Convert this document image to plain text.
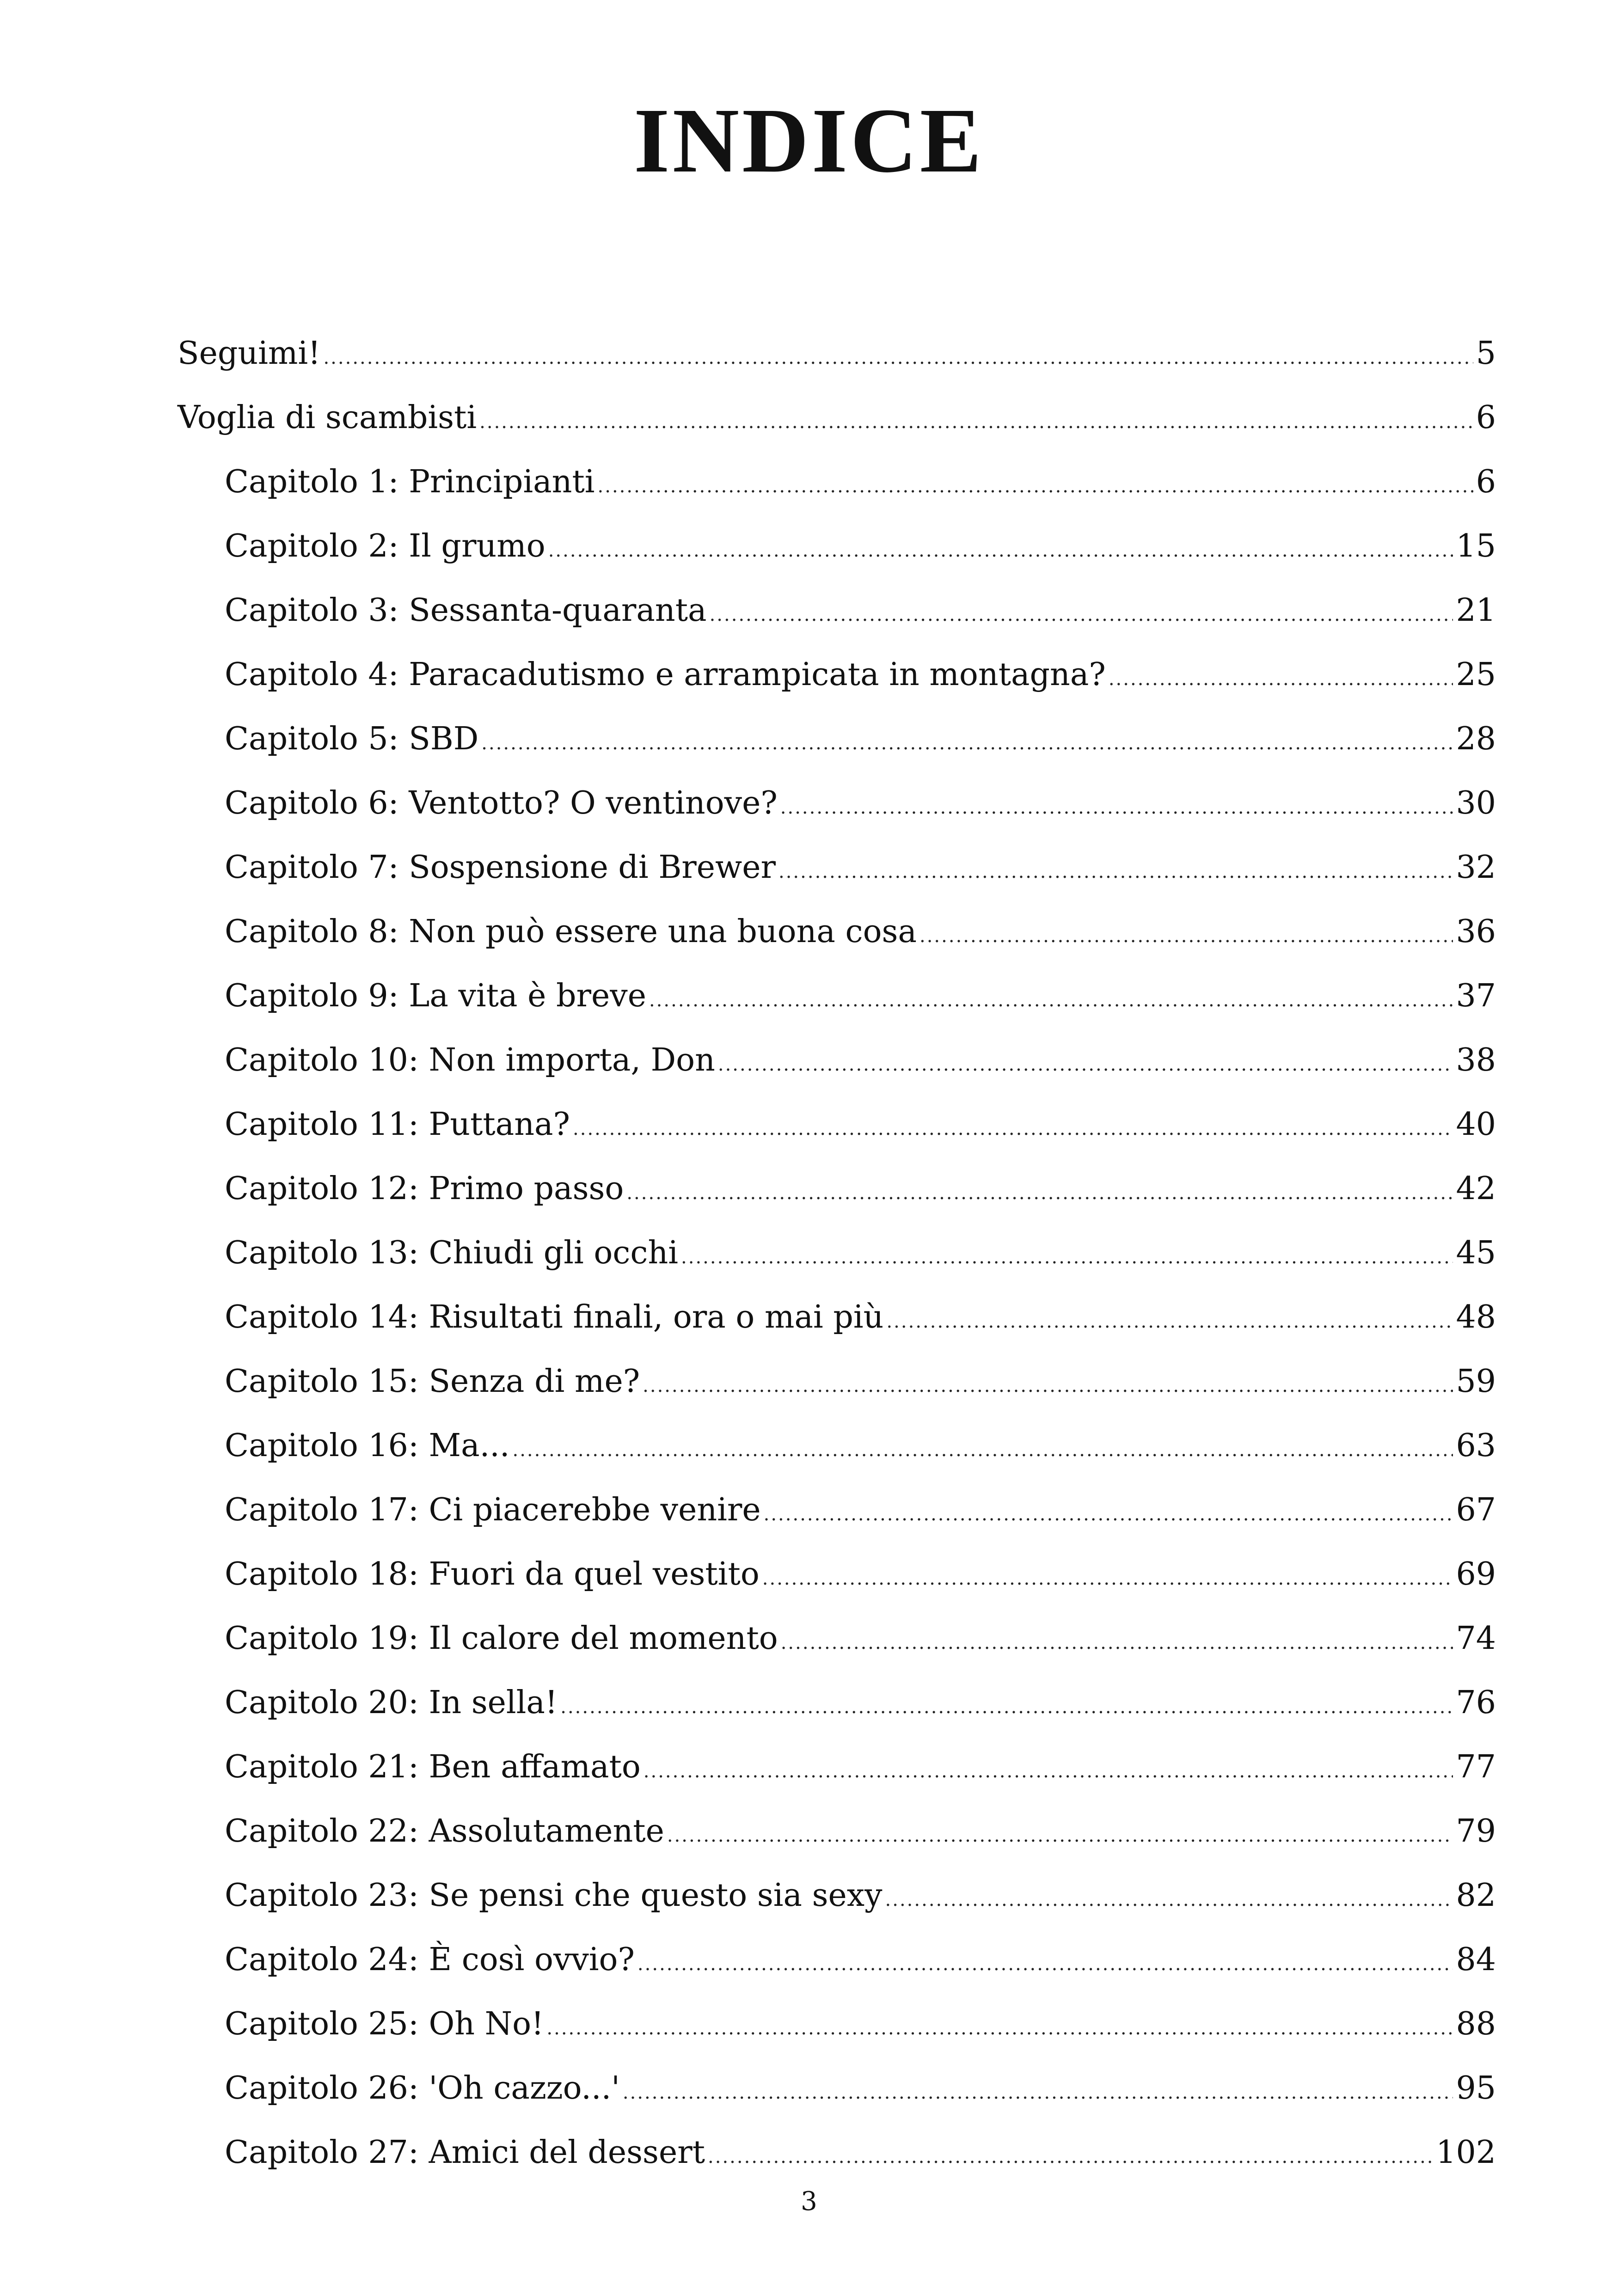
INDICE
Seguimi! .....	5
Voglia di scambisti .....	6
Capitolo 1: Principianti .....	6
Capitolo 2: Il grumo .....	15
Capitolo 3: Sessanta-quaranta .....	21
Capitolo 4: Paracadutismo e arrampicata in montagna? .....	25
Capitolo 5: SBD .....	28
Capitolo 6: Ventotto? O ventinove? .....	30
Capitolo 7: Sospensione di Brewer .....	32
Capitolo 8: Non può essere una buona cosa .....	36
Capitolo 9: La vita è breve .....	37
Capitolo 10: Non importa, Don .....	38
Capitolo 11: Puttana? .....	40
Capitolo 12: Primo passo .....	42
Capitolo 13: Chiudi gli occhi .....	45
Capitolo 14: Risultati finali, ora o mai più .....	48
Capitolo 15: Senza di me? .....	59
Capitolo 16: Ma... .....	63
Capitolo 17: Ci piacerebbe venire .....	67
Capitolo 18: Fuori da quel vestito .....	69
Capitolo 19: Il calore del momento .....	74
Capitolo 20: In sella! .....	76
Capitolo 21: Ben affamato .....	77
Capitolo 22: Assolutamente .....	79
Capitolo 23: Se pensi che questo sia sexy .....	82
Capitolo 24: È così ovvio? .....	84
Capitolo 25: Oh No! .....	88
Capitolo 26: 'Oh cazzo...' .....	95
Capitolo 27: Amici del dessert .....	102
3
